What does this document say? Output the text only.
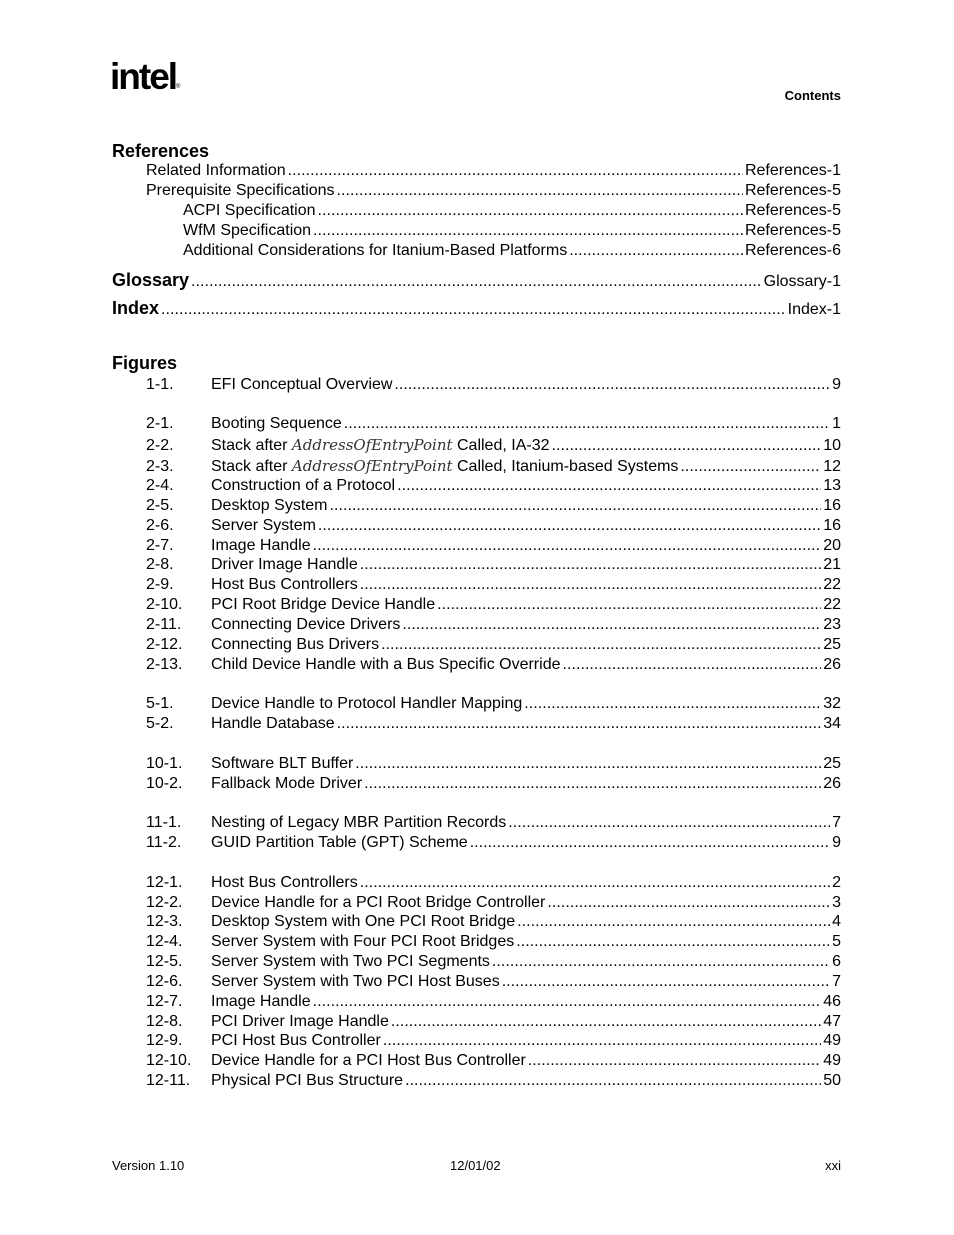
intel ®
Contents
References
Related Information . . .	References-1
Prerequisite Specifications . . .	References-5
ACPI Specification . . .	References-5
WfM Specification . . .	References-5
Additional Considerations for Itanium-Based Platforms . . .	References-6
Glossary . . .	Glossary-1
Index . . .	Index-1
Figures
1-1.	EFI Conceptual Overview . . .	9
2-1.	Booting Sequence . . .	1
2-2.	Stack after AddressOfEntryPoint Called, IA-32 . . .	10
2-3.	Stack after AddressOfEntryPoint Called, Itanium-based Systems . . .	12
2-4.	Construction of a Protocol . . .	13
2-5.	Desktop System . . .	16
2-6.	Server System . . .	16
2-7.	Image Handle . . .	20
2-8.	Driver Image Handle . . .	21
2-9.	Host Bus Controllers . . .	22
2-10.	PCI Root Bridge Device Handle . . .	22
2-11.	Connecting Device Drivers . . .	23
2-12.	Connecting Bus Drivers . . .	25
2-13.	Child Device Handle with a Bus Specific Override . . .	26
5-1.	Device Handle to Protocol Handler Mapping . . .	32
5-2.	Handle Database . . .	34
10-1.	Software BLT Buffer . . .	25
10-2.	Fallback Mode Driver . . .	26
11-1.	Nesting of Legacy MBR Partition Records . . .	7
11-2.	GUID Partition Table (GPT) Scheme . . .	9
12-1.	Host Bus Controllers . . .	2
12-2.	Device Handle for a PCI Root Bridge Controller . . .	3
12-3.	Desktop System with One PCI Root Bridge . . .	4
12-4.	Server System with Four PCI Root Bridges . . .	5
12-5.	Server System with Two PCI Segments . . .	6
12-6.	Server System with Two PCI Host Buses . . .	7
12-7.	Image Handle . . .	46
12-8.	PCI Driver Image Handle . . .	47
12-9.	PCI Host Bus Controller . . .	49
12-10.	Device Handle for a PCI Host Bus Controller . . .	49
12-11.	Physical PCI Bus Structure . . .	50
Version 1.10	12/01/02	xxi
